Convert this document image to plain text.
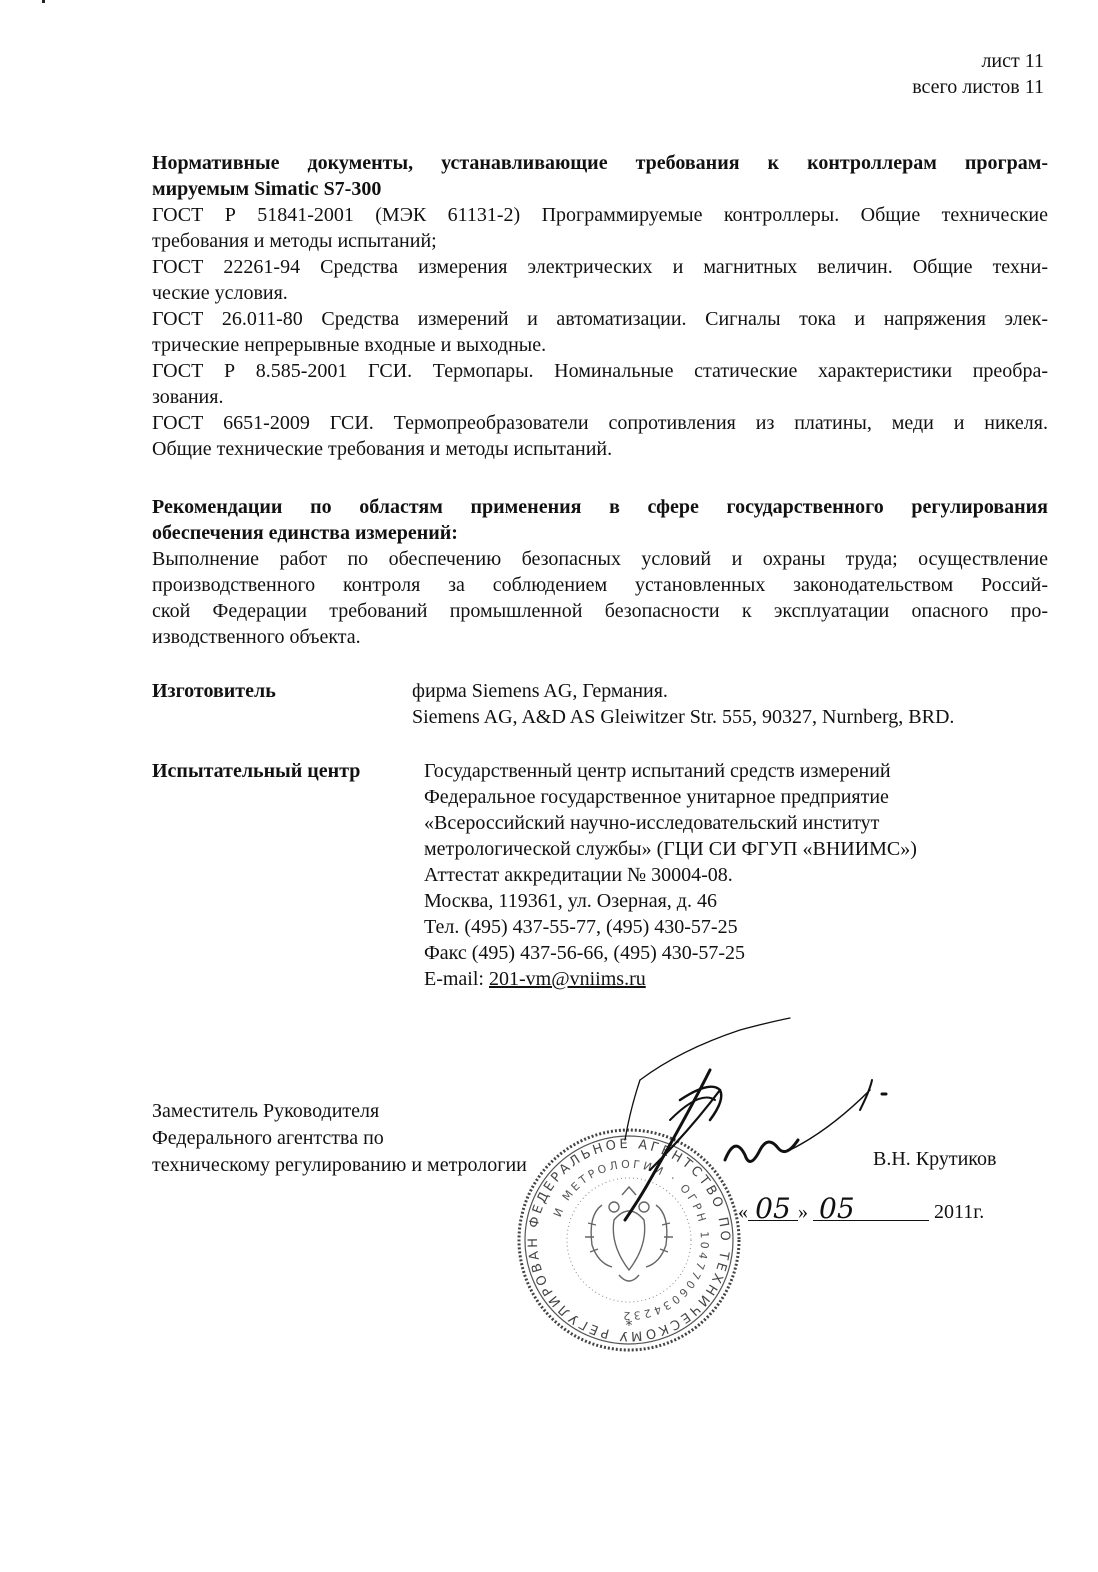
лист 11
всего листов 11
Нормативные документы, устанавливающие требования к контроллерам програм-
мируемым Simatic S7-300
ГОСТ Р 51841-2001 (МЭК 61131-2) Программируемые контроллеры. Общие технические
требования и методы испытаний;
ГОСТ 22261-94 Средства измерения электрических и магнитных величин. Общие техни-
ческие условия.
ГОСТ 26.011-80 Средства измерений и автоматизации. Сигналы тока и напряжения элек-
трические непрерывные входные и выходные.
ГОСТ Р 8.585-2001 ГСИ. Термопары. Номинальные статические характеристики преобра-
зования.
ГОСТ 6651-2009 ГСИ. Термопреобразователи сопротивления из платины, меди и никеля.
Общие технические требования и методы испытаний.
Рекомендации по областям применения в сфере государственного регулирования
обеспечения единства измерений:
Выполнение работ по обеспечению безопасных условий и охраны труда; осуществление
производственного контроля за соблюдением установленных законодательством Россий-
ской Федерации требований промышленной безопасности к эксплуатации опасного про-
изводственного объекта.
Изготовитель	фирма Siemens AG, Германия.
Siemens AG, A&D AS Gleiwitzer Str. 555, 90327, Nurnberg, BRD.
Испытательный центр	Государственный центр испытаний средств измерений
Федеральное государственное унитарное предприятие
«Всероссийский научно-исследовательский институт
метрологической службы» (ГЦИ СИ ФГУП «ВНИИМС»)
Аттестат аккредитации № 30004-08.
Москва, 119361, ул. Озерная, д. 46
Тел. (495) 437-55-77, (495) 430-57-25
Факс (495) 437-56-66, (495) 430-57-25
E-mail: 201-vm@vniims.ru
Заместитель Руководителя
Федерального агентства по
техническому регулированию и метрологии
ФЕДЕРАЛЬНОЕ АГЕНТСТВО ПО ТЕХНИЧЕСКОМУ РЕГУЛИРОВАНИЮ
И МЕТРОЛОГИИ · ОГРН 1047706034232
*
В.Н. Крутиков
« 05 » 05	2011г.
